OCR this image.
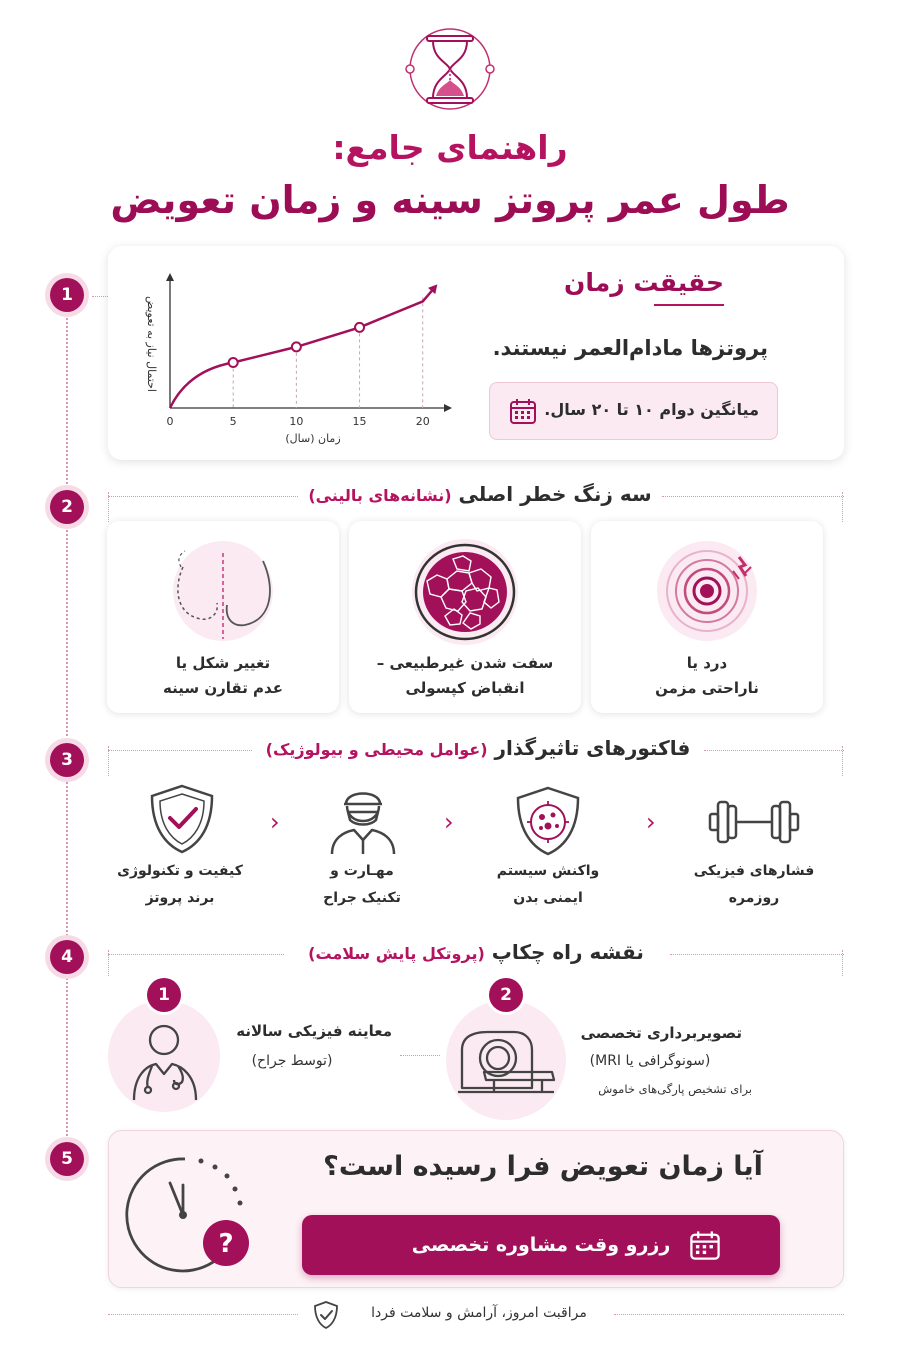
راهنمای جامع:
طول عمر پروتز سینه و زمان تعویض
1
2
3
4
5
0	5	10	15	20
زمان (سال)
احتمال نیاز به تعویض
حقیقت زمان
پروتزها مادام‌العمر نیستند.
میانگین دوام ۱۰ تا ۲۰ سال.
سه زنگ خطر اصلی (نشانه‌های بالینی)
درد یا
ناراحتی مزمن
سفت شدن غیرطبیعی –
انقباض کپسولی
تغییر شکل یا
عدم تقارن سینه
فاکتورهای تاثیرگذار (عوامل محیطی و بیولوژیک)
فشارهای فیزیکی
روزمره
›
واکنش سیستم
ایمنی بدن
›
مهـارت و
تکنیک جراح
›
کیفیت و تکنولوژی
برند پروتز
نقشه راه چکاپ (پروتکل پایش سلامت)
1
معاینه فیزیکی سالانه
(توسط جراح)
2
تصویربرداری تخصصی
(سونوگرافی یا MRI)
برای تشخیص پارگی‌های خاموش
?
آیا زمان تعویض فرا رسیده است؟
رزرو وقت مشاوره تخصصی
مراقبت امروز، آرامش و سلامت فردا
